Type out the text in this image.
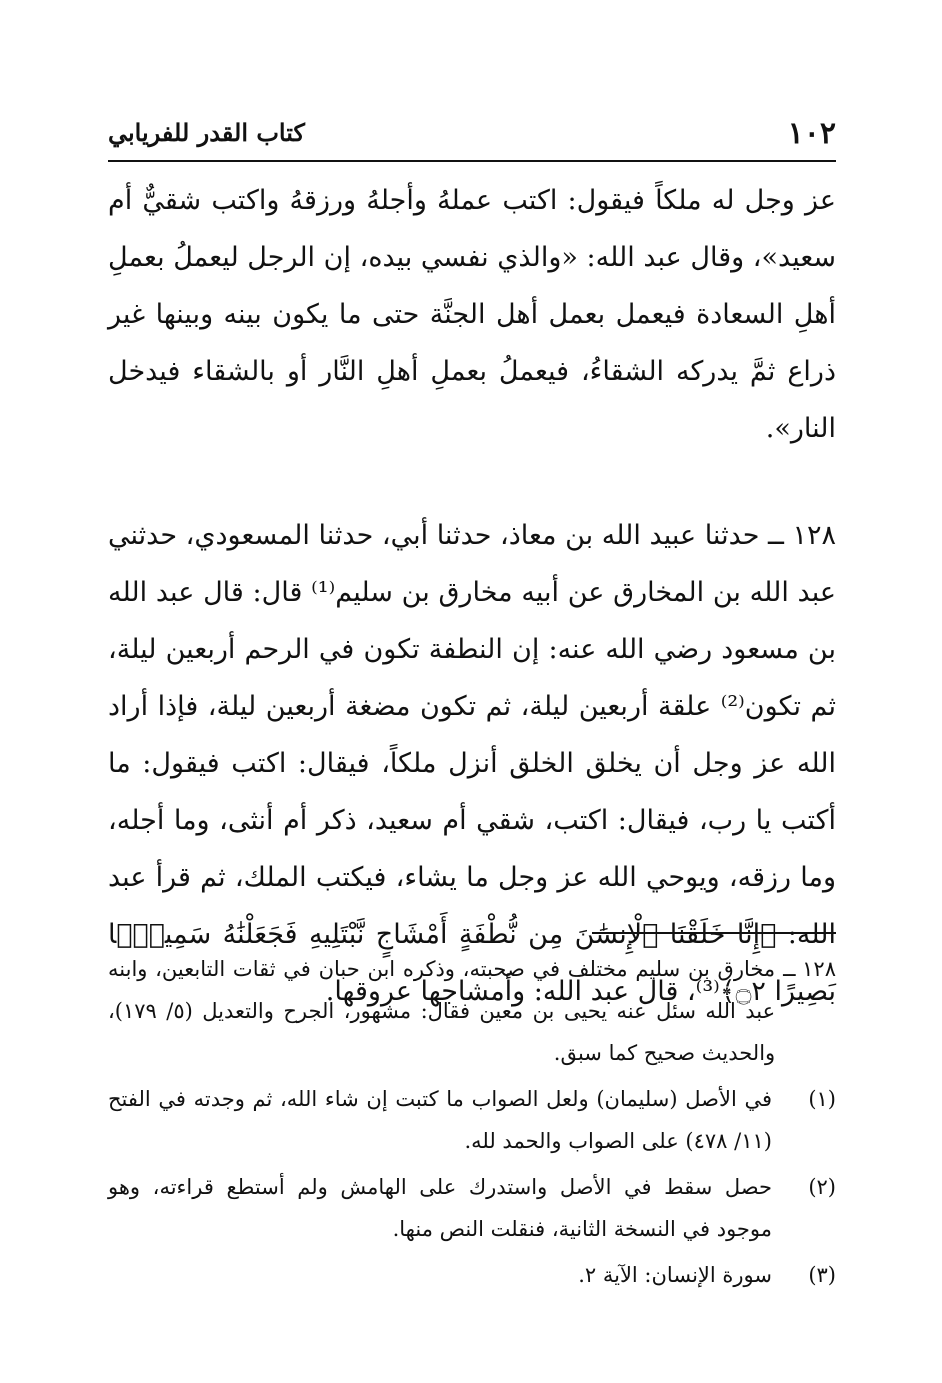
١٠٢
كتاب القدر للفريابي

عز وجل له ملكاً فيقول: اكتب عملهُ وأجلهُ ورزقهُ واكتب شقيٌّ أم سعيد»، وقال عبد الله: «والذي نفسي بيده، إن الرجل ليعملُ بعملِ أهلِ السعادة فيعمل بعمل أهل الجنَّة حتى ما يكون بينه وبينها غير ذراع ثمَّ يدركه الشقاءُ، فيعملُ بعملِ أهلِ النَّار أو بالشقاء فيدخل النار».

١٢٨ ــ حدثنا عبيد الله بن معاذ، حدثنا أبي، حدثنا المسعودي، حدثني عبد الله بن المخارق عن أبيه مخارق بن سليم⁽¹⁾ قال: قال عبد الله بن مسعود رضي الله عنه: إن النطفة تكون في الرحم أربعين ليلة، ثم تكون⁽²⁾ علقة أربعين ليلة، ثم تكون مضغة أربعين ليلة، فإذا أراد الله عز وجل أن يخلق الخلق أنزل ملكاً، فيقال: اكتب فيقول: ما أكتب يا رب، فيقال: اكتب، شقي أم سعيد، ذكر أم أنثى، وما أجله، وما رزقه، ويوحي الله عز وجل ما يشاء، فيكتب الملك، ثم قرأ عبد الله: ﴿إِنَّا خَلَقْنَا ٱلْإِنسَٰنَ مِن نُّطْفَةٍ أَمْشَاجٍ نَّبْتَلِيهِ فَجَعَلْنَٰهُ سَمِيعًۢا بَصِيرًا ۝٢﴾⁽³⁾، قال عبد الله: وأمشاجها عروقها.

١٢٨ ــ
مخارق بن سليم مختلف في صحبته، وذكره ابن حبان في ثقات التابعين، وابنه عبد الله سئل عنه يحيى بن معين فقال: مشهور، الجرح والتعديل (٥/ ١٧٩)، والحديث صحيح كما سبق.
(١)
في الأصل (سليمان) ولعل الصواب ما كتبت إن شاء الله، ثم وجدته في الفتح (١١/ ٤٧٨) على الصواب والحمد لله.
(٢)
حصل سقط في الأصل واستدرك على الهامش ولم أستطع قراءته، وهو موجود في النسخة الثانية، فنقلت النص منها.
(٣)
سورة الإنسان: الآية ٢.
